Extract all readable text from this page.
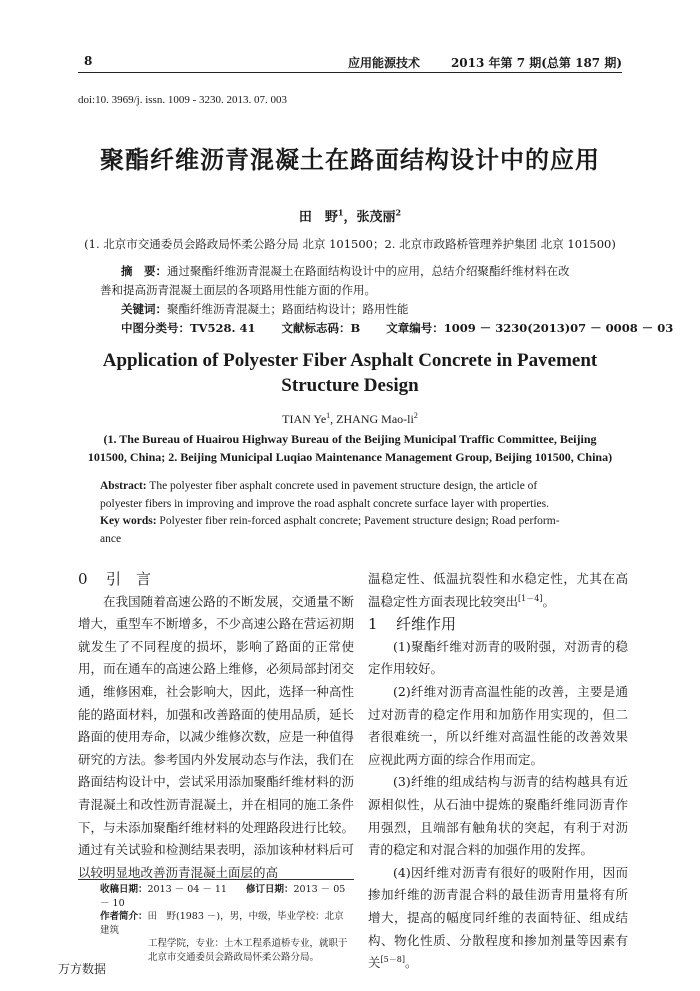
8	应用能源技术	2013 年第 7 期(总第 187 期)
doi:10. 3969/j. issn. 1009 - 3230. 2013. 07. 003
聚酯纤维沥青混凝土在路面结构设计中的应用
田　野$^1$，张茂丽$^2$
(1. 北京市交通委员会路政局怀柔公路分局 北京 101500；2. 北京市政路桥管理养护集团 北京 101500)
摘　要：通过聚酯纤维沥青混凝土在路面结构设计中的应用，总结介绍聚酯纤维材料在改
善和提高沥青混凝土面层的各项路用性能方面的作用。
关键词：聚酯纤维沥青混凝土；路面结构设计；路用性能
中图分类号：TV528. 41 文献标志码：B 文章编号：1009 － 3230(2013)07 － 0008 － 03
Application of Polyester Fiber Asphalt Concrete in Pavement
Structure Design
TIAN Ye$^1$, ZHANG Mao-$li^2$
(1. The Bureau of Huairou Highway Bureau of the Beijing Municipal Traffic Committee, Beijing
101500, China; 2. Beijing Municipal Luqiao Maintenance Management Group, Beijing 101500, China)
Abstract: The polyester fiber asphalt concrete used in pavement structure design, the article of
polyester fibers in improving and improve the road asphalt concrete surface layer with properties.
Key words: Polyester fiber rein-forced asphalt concrete; Pavement structure design; Road perform-
ance
0 引　言

在我国随着高速公路的不断发展，交通量不断增大，重型车不断增多，不少高速公路在营运初期就发生了不同程度的损坏，影响了路面的正常使用，而在通车的高速公路上维修，必须局部封闭交通，维修困难，社会影响大，因此，选择一种高性能的路面材料，加强和改善路面的使用品质，延长路面的使用寿命，以减少维修次数，应是一种值得研究的方法。参考国内外发展动态与作法，我们在路面结构设计中，尝试采用添加聚酯纤维材料的沥青混凝土和改性沥青混凝土，并在相同的施工条件下，与未添加聚酯纤维材料的处理路段进行比较。通过有关试验和检测结果表明，添加该种材料后可以较明显地改善沥青混凝土面层的高

温稳定性、低温抗裂性和水稳定性，尤其在高温稳定性方面表现比较突出[1－4]。

1 纤维作用

(1)聚酯纤维对沥青的吸附强，对沥青的稳定作用较好。

(2)纤维对沥青高温性能的改善，主要是通过对沥青的稳定作用和加筋作用实现的，但二者很难统一，所以纤维对高温性能的改善效果应视此两方面的综合作用而定。

(3)纤维的组成结构与沥青的结构越具有近源相似性，从石油中提炼的聚酯纤维同沥青作用强烈，且端部有触角状的突起，有利于对沥青的稳定和对混合料的加强作用的发挥。

(4)因纤维对沥青有很好的吸附作用，因而掺加纤维的沥青混合料的最佳沥青用量将有所增大，提高的幅度同纤维的表面特征、组成结构、物化性质、分散程度和掺加剂量等因素有关[5－8]。

收稿日期：2013 － 04 － 11　　 修订日期：2013 － 05 － 10
作者简介：田　野(1983 －)，男，中级，毕业学校：北京建筑
工程学院，专业：土木工程系道桥专业，就职于
北京市交通委员会路政局怀柔公路分局。
万方数据
